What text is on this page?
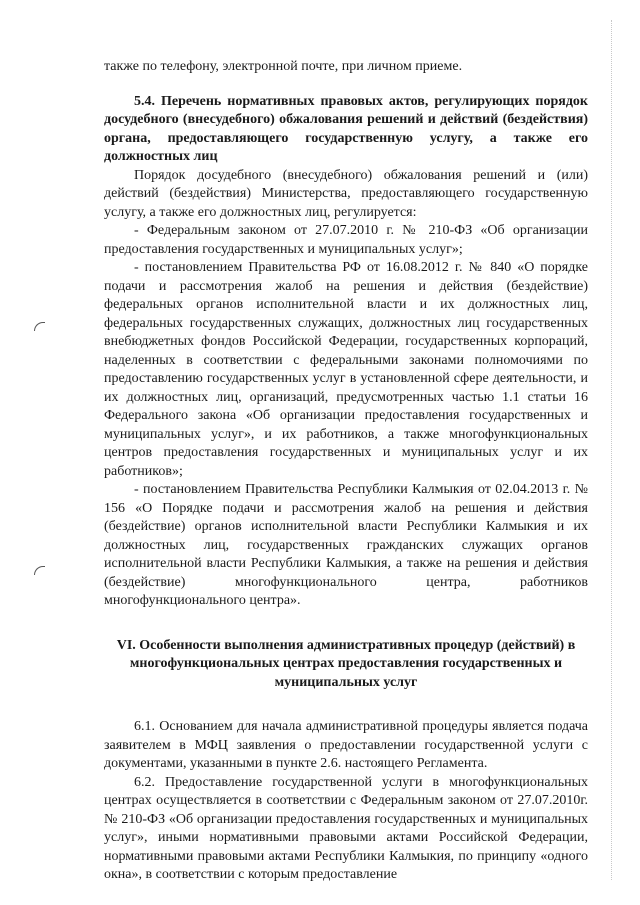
также по телефону, электронной почте, при личном приеме.

5.4. Перечень нормативных правовых актов, регулирующих порядок досудебного (внесудебного) обжалования решений и действий (бездействия) органа, предоставляющего государственную услугу, а также его должностных лиц

Порядок досудебного (внесудебного) обжалования решений и (или) действий (бездействия) Министерства, предоставляющего государственную услугу, а также его должностных лиц, регулируется:

- Федеральным законом от 27.07.2010 г. № 210-ФЗ «Об организации предоставления государственных и муниципальных услуг»;

- постановлением Правительства РФ от 16.08.2012 г. № 840 «О порядке подачи и рассмотрения жалоб на решения и действия (бездействие) федеральных органов исполнительной власти и их должностных лиц, федеральных государственных служащих, должностных лиц государственных внебюджетных фондов Российской Федерации, государственных корпораций, наделенных в соответствии с федеральными законами полномочиями по предоставлению государственных услуг в установленной сфере деятельности, и их должностных лиц, организаций, предусмотренных частью 1.1 статьи 16 Федерального закона «Об организации предоставления государственных и муниципальных услуг», и их работников, а также многофункциональных центров предоставления государственных и муниципальных услуг и их работников»;

- постановлением Правительства Республики Калмыкия от 02.04.2013 г. № 156 «О Порядке подачи и рассмотрения жалоб на решения и действия (бездействие) органов исполнительной власти Республики Калмыкия и их должностных лиц, государственных гражданских служащих органов исполнительной власти Республики Калмыкия, а также на решения и действия (бездействие) многофункционального центра, работников многофункционального центра».

VI. Особенности выполнения административных процедур (действий) в многофункциональных центрах предоставления государственных и муниципальных услуг

6.1. Основанием для начала административной процедуры является подача заявителем в МФЦ заявления о предоставлении государственной услуги с документами, указанными в пункте 2.6. настоящего Регламента.

6.2. Предоставление государственной услуги в многофункциональных центрах осуществляется в соответствии с Федеральным законом от 27.07.2010г. № 210-ФЗ «Об организации предоставления государственных и муниципальных услуг», иными нормативными правовыми актами Российской Федерации, нормативными правовыми актами Республики Калмыкия, по принципу «одного окна», в соответствии с которым предоставление
